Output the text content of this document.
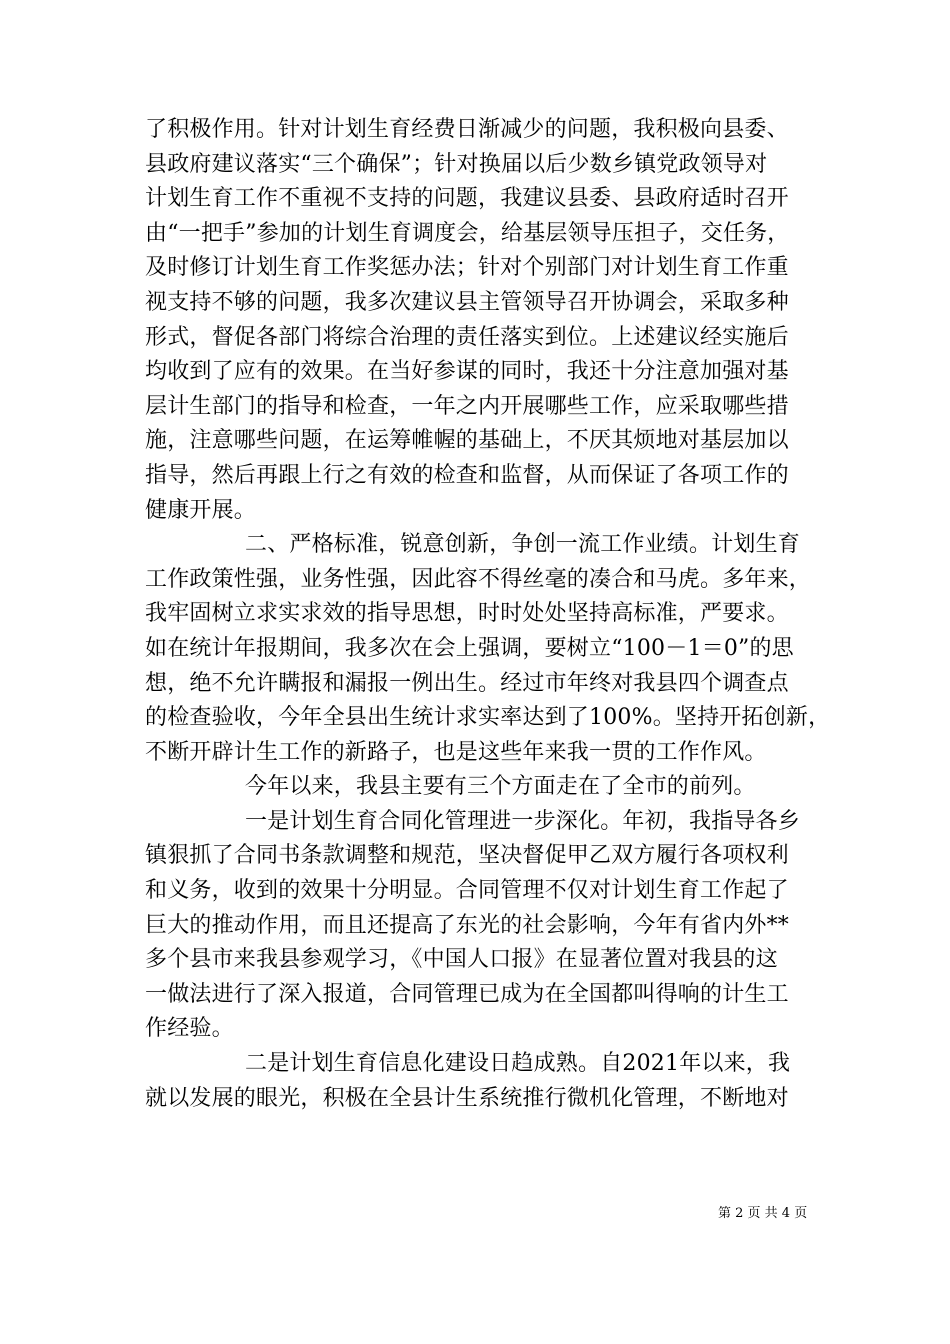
了积极作用。针对计划生育经费日渐减少的问题，我积极向县委、
县政府建议落实“三个确保”；针对换届以后少数乡镇党政领导对
计划生育工作不重视不支持的问题，我建议县委、县政府适时召开
由“一把手”参加的计划生育调度会，给基层领导压担子，交任务，
及时修订计划生育工作奖惩办法；针对个别部门对计划生育工作重
视支持不够的问题，我多次建议县主管领导召开协调会，采取多种
形式，督促各部门将综合治理的责任落实到位。上述建议经实施后
均收到了应有的效果。在当好参谋的同时，我还十分注意加强对基
层计生部门的指导和检查，一年之内开展哪些工作，应采取哪些措
施，注意哪些问题，在运筹帷幄的基础上，不厌其烦地对基层加以
指导，然后再跟上行之有效的检查和监督，从而保证了各项工作的
健康开展。
二、严格标准，锐意创新，争创一流工作业绩。计划生育
工作政策性强，业务性强，因此容不得丝毫的凑合和马虎。多年来，
我牢固树立求实求效的指导思想，时时处处坚持高标准，严要求。
如在统计年报期间，我多次在会上强调，要树立“100－1＝0”的思
想，绝不允许瞒报和漏报一例出生。经过市年终对我县四个调查点
的检查验收，今年全县出生统计求实率达到了100%。坚持开拓创新，
不断开辟计生工作的新路子，也是这些年来我一贯的工作作风。
今年以来，我县主要有三个方面走在了全市的前列。
一是计划生育合同化管理进一步深化。年初，我指导各乡
镇狠抓了合同书条款调整和规范，坚决督促甲乙双方履行各项权利
和义务，收到的效果十分明显。合同管理不仅对计划生育工作起了
巨大的推动作用，而且还提高了东光的社会影响，今年有省内外**
多个县市来我县参观学习，《中国人口报》在显著位置对我县的这
一做法进行了深入报道，合同管理已成为在全国都叫得响的计生工
作经验。
二是计划生育信息化建设日趋成熟。自2021年以来，我
就以发展的眼光，积极在全县计生系统推行微机化管理，不断地对
第 2 页 共 4 页
